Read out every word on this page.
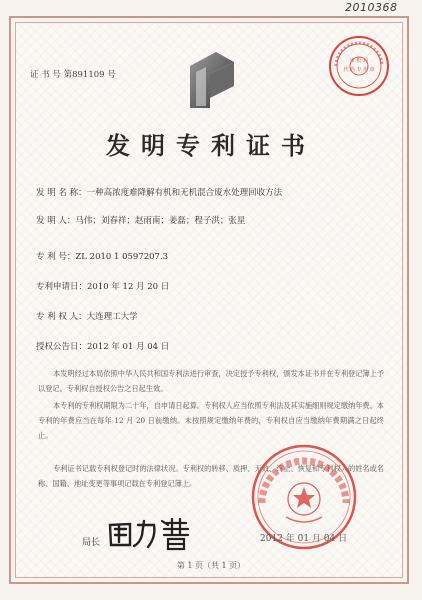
2010368
证 书 号 第891109 号
审 批 局
代 码 专 用 章
发明专利证书
发 明 名 称：一种高浓度难降解有机和无机混合废水处理回收方法
发 明 人：马伟；刘春祥；赵雨南；姜磊；程子洪；张星
专 利 号：ZL 2010 1 0597207.3
专利申请日：2010 年 12 月 20 日
专 利 权 人：大连理工大学
授权公告日：2012 年 01 月 04 日
本发明经过本局依照中华人民共和国专利法进行审查，决定授予专利权，颁发本证书并在专利登记簿上予以登记。专利权自授权公告之日起生效。
本专利的专利权期限为二十年，自申请日起算。专利权人应当依照专利法及其实施细则规定缴纳年费。本专利的年费应当在每年 12 月 20 日前缴纳。未按照规定缴纳年费的，专利权自应当缴纳年费期满之日起终止。
专利证书记载专利权登记时的法律状况。专利权的转移、质押、无效、终止、恢复和专利权人的姓名或名称、国籍、地址变更等事项记载在专利登记簿上。
局长	2012 年 01 月 04 日
第 1 页（共 1 页）
